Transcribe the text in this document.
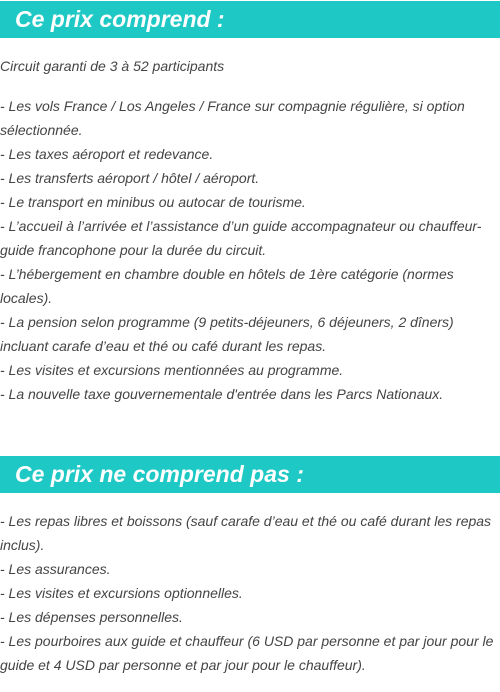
Ce prix comprend :

Circuit garanti de 3 à 52 participants

- Les vols France / Los Angeles / France sur compagnie régulière, si option sélectionnée.
- Les taxes aéroport et redevance.
- Les transferts aéroport / hôtel / aéroport.
- Le transport en minibus ou autocar de tourisme.
- L’accueil à l’arrivée et l’assistance d’un guide accompagnateur ou chauffeur-guide francophone pour la durée du circuit.
- L’hébergement en chambre double en hôtels de 1ère catégorie (normes locales).
- La pension selon programme (9 petits-déjeuners, 6 déjeuners, 2 dîners) incluant carafe d’eau et thé ou café durant les repas.
- Les visites et excursions mentionnées au programme.
- La nouvelle taxe gouvernementale d'entrée dans les Parcs Nationaux.
Ce prix ne comprend pas :
- Les repas libres et boissons (sauf carafe d’eau et thé ou café durant les repas inclus).
- Les assurances.
- Les visites et excursions optionnelles.
- Les dépenses personnelles.
- Les pourboires aux guide et chauffeur (6 USD par personne et par jour pour le guide et 4 USD par personne et par jour pour le chauffeur).
